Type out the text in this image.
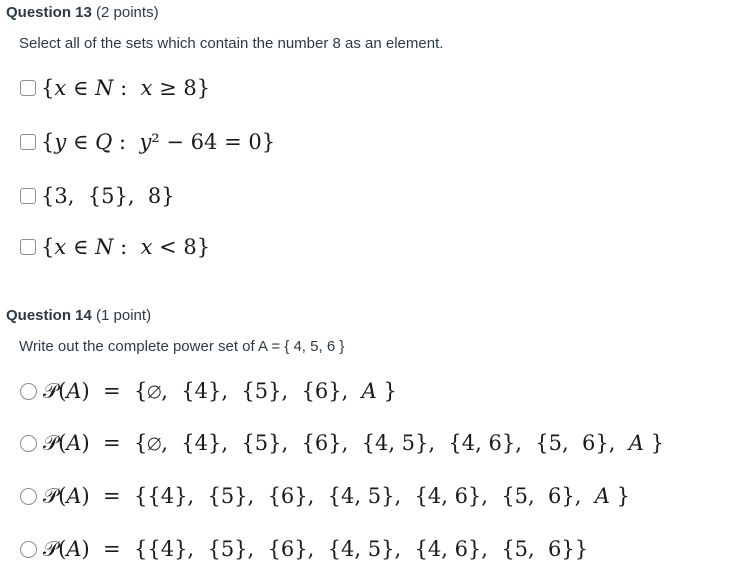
Question 13 (2 points)
Select all of the sets which contain the number 8 as an element.
{𝑥 ∈ 𝑁 :  𝑥 ≥ 8}
{𝑦 ∈ 𝑄 :  𝑦² − 64 = 0}
{3,  {5},  8}
{𝑥 ∈ 𝑁 :  𝑥 < 8}
Question 14 (1 point)
Write out the complete power set of A = { 4, 5, 6 }
𝒫(𝐴)  =  {∅,  {4},  {5},  {6},  𝐴 }
𝒫(𝐴)  =  {∅,  {4},  {5},  {6},  {4, 5},  {4, 6},  {5,  6},  𝐴 }
𝒫(𝐴)  =  {{4},  {5},  {6},  {4, 5},  {4, 6},  {5,  6},  𝐴 }
𝒫(𝐴)  =  {{4},  {5},  {6},  {4, 5},  {4, 6},  {5,  6}}
